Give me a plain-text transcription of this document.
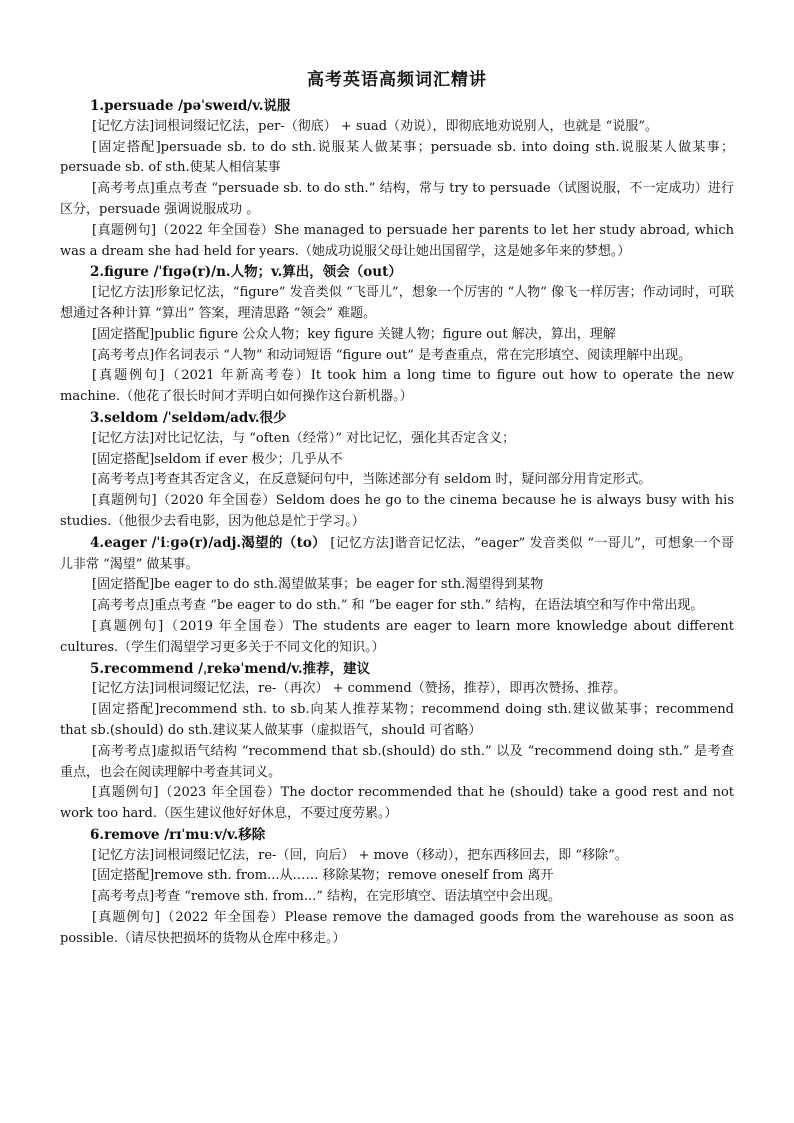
高考英语高频词汇精讲

1.persuade /pəˈsweɪd/v.说服

[记忆方法]词根词缀记忆法，per-（彻底） + suad（劝说），即彻底地劝说别人，也就是 “说服”。

[固定搭配]persuade sb. to do sth.说服某人做某事；persuade sb. into doing sth.说服某人做某事；persuade sb. of sth.使某人相信某事

[高考考点]重点考查 “persuade sb. to do sth.” 结构，常与 try to persuade（试图说服，不一定成功）进行区分，persuade 强调说服成功 。

[真题例句]（2022 年全国卷）She managed to persuade her parents to let her study abroad, which was a dream she had held for years.（她成功说服父母让她出国留学，这是她多年来的梦想。）

2.figure /ˈfɪɡə(r)/n.人物；v.算出，领会（out）

[记忆方法]形象记忆法，“figure” 发音类似 “飞哥儿”，想象一个厉害的 “人物” 像飞一样厉害；作动词时，可联想通过各种计算 “算出” 答案，理清思路 “领会” 难题。

[固定搭配]public figure 公众人物；key figure 关键人物；figure out 解决，算出，理解

[高考考点]作名词表示 “人物” 和动词短语 “figure out” 是考查重点，常在完形填空、阅读理解中出现。

[真题例句]（2021 年新高考卷）It took him a long time to figure out how to operate the new machine.（他花了很长时间才弄明白如何操作这台新机器。）

3.seldom /ˈseldəm/adv.很少

[记忆方法]对比记忆法，与 “often（经常）” 对比记忆，强化其否定含义；

[固定搭配]seldom if ever 极少；几乎从不

[高考考点]考查其否定含义，在反意疑问句中，当陈述部分有 seldom 时，疑问部分用肯定形式。

[真题例句]（2020 年全国卷）Seldom does he go to the cinema because he is always busy with his studies.（他很少去看电影，因为他总是忙于学习。）

4.eager /ˈiːɡə(r)/adj.渴望的（to） [记忆方法]谐音记忆法，“eager” 发音类似 “一哥儿”，可想象一个哥儿非常 “渴望” 做某事。

[固定搭配]be eager to do sth.渴望做某事；be eager for sth.渴望得到某物

[高考考点]重点考查 “be eager to do sth.” 和 “be eager for sth.” 结构，在语法填空和写作中常出现。

[真题例句]（2019 年全国卷）The students are eager to learn more knowledge about different cultures.（学生们渴望学习更多关于不同文化的知识。）

5.recommend /ˌrekəˈmend/v.推荐，建议

[记忆方法]词根词缀记忆法，re-（再次） + commend（赞扬，推荐），即再次赞扬、推荐。

[固定搭配]recommend sth. to sb.向某人推荐某物；recommend doing sth.建议做某事；recommend that sb.(should) do sth.建议某人做某事（虚拟语气，should 可省略）

[高考考点]虚拟语气结构 “recommend that sb.(should) do sth.” 以及 “recommend doing sth.” 是考查重点，也会在阅读理解中考查其词义。

[真题例句]（2023 年全国卷）The doctor recommended that he (should) take a good rest and not work too hard.（医生建议他好好休息，不要过度劳累。）

6.remove /rɪˈmuːv/v.移除

[记忆方法]词根词缀记忆法，re-（回，向后） + move（移动），把东西移回去，即 “移除”。

[固定搭配]remove sth. from...从…… 移除某物；remove oneself from 离开

[高考考点]考查 “remove sth. from...” 结构，在完形填空、语法填空中会出现。

[真题例句]（2022 年全国卷）Please remove the damaged goods from the warehouse as soon as possible.（请尽快把损坏的货物从仓库中移走。）
